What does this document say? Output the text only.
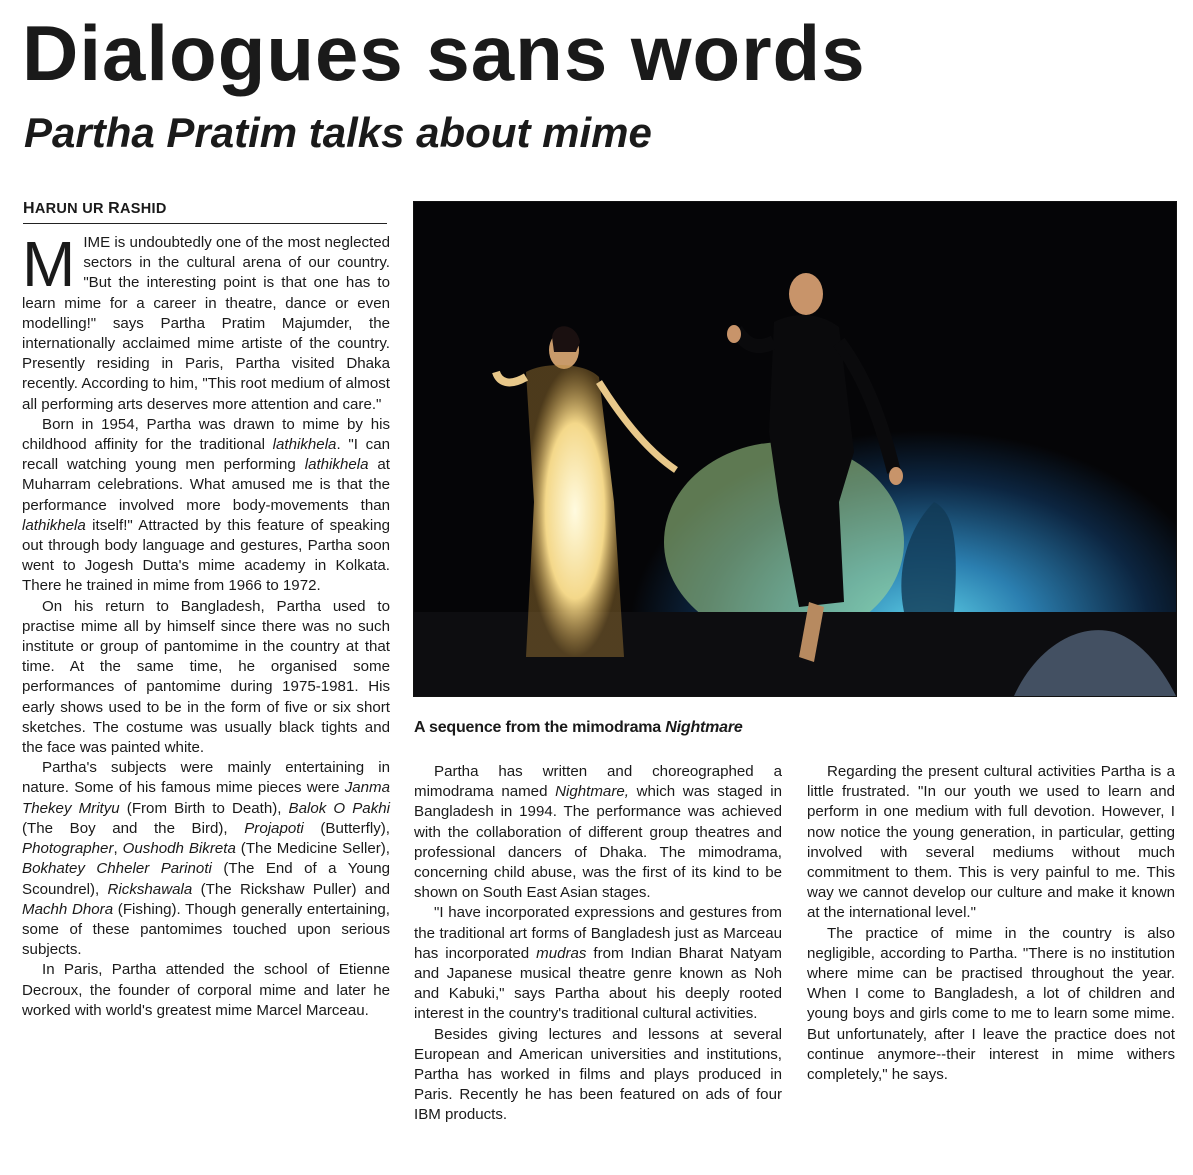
Dialogues sans words
Partha Pratim talks about mime
HARUN UR RASHID

MIME is undoubtedly one of the most neglected sectors in the cultural arena of our country. "But the interesting point is that one has to learn mime for a career in theatre, dance or even modelling!" says Partha Pratim Majumder, the internationally acclaimed mime artiste of the country. Presently residing in Paris, Partha visited Dhaka recently. According to him, "This root medium of almost all performing arts deserves more attention and care."

Born in 1954, Partha was drawn to mime by his childhood affinity for the traditional lathikhela. "I can recall watching young men performing lathikhela at Muharram celebrations. What amused me is that the performance involved more body-movements than lathikhela itself!" Attracted by this feature of speaking out through body language and gestures, Partha soon went to Jogesh Dutta's mime academy in Kolkata. There he trained in mime from 1966 to 1972.

On his return to Bangladesh, Partha used to practise mime all by himself since there was no such institute or group of pantomime in the country at that time. At the same time, he organised some performances of pantomime during 1975-1981. His early shows used to be in the form of five or six short sketches. The costume was usually black tights and the face was painted white.

Partha's subjects were mainly entertaining in nature. Some of his famous mime pieces were Janma Thekey Mrityu (From Birth to Death), Balok O Pakhi (The Boy and the Bird), Projapoti (Butterfly), Photographer, Oushodh Bikreta (The Medicine Seller), Bokhatey Chheler Parinoti (The End of a Young Scoundrel), Rickshawala (The Rickshaw Puller) and Machh Dhora (Fishing). Though generally entertaining, some of these pantomimes touched upon serious subjects.

In Paris, Partha attended the school of Etienne Decroux, the founder of corporal mime and later he worked with world's greatest mime Marcel Marceau.

A sequence from the mimodrama Nightmare

Partha has written and choreographed a mimodrama named Nightmare, which was staged in Bangladesh in 1994. The performance was achieved with the collaboration of different group theatres and professional dancers of Dhaka. The mimodrama, concerning child abuse, was the first of its kind to be shown on South East Asian stages.

"I have incorporated expressions and gestures from the traditional art forms of Bangladesh just as Marceau has incorporated mudras from Indian Bharat Natyam and Japanese musical theatre genre known as Noh and Kabuki," says Partha about his deeply rooted interest in the country's traditional cultural activities.

Besides giving lectures and lessons at several European and American universities and institutions, Partha has worked in films and plays produced in Paris. Recently he has been featured on ads of four IBM products.

Regarding the present cultural activities Partha is a little frustrated. "In our youth we used to learn and perform in one medium with full devotion. However, I now notice the young generation, in particular, getting involved with several mediums without much commitment to them. This is very painful to me. This way we cannot develop our culture and make it known at the international level."

The practice of mime in the country is also negligible, according to Partha. "There is no institution where mime can be practised throughout the year. When I come to Bangladesh, a lot of children and young boys and girls come to me to learn some mime. But unfortunately, after I leave the practice does not continue anymore--their interest in mime withers completely," he says.
